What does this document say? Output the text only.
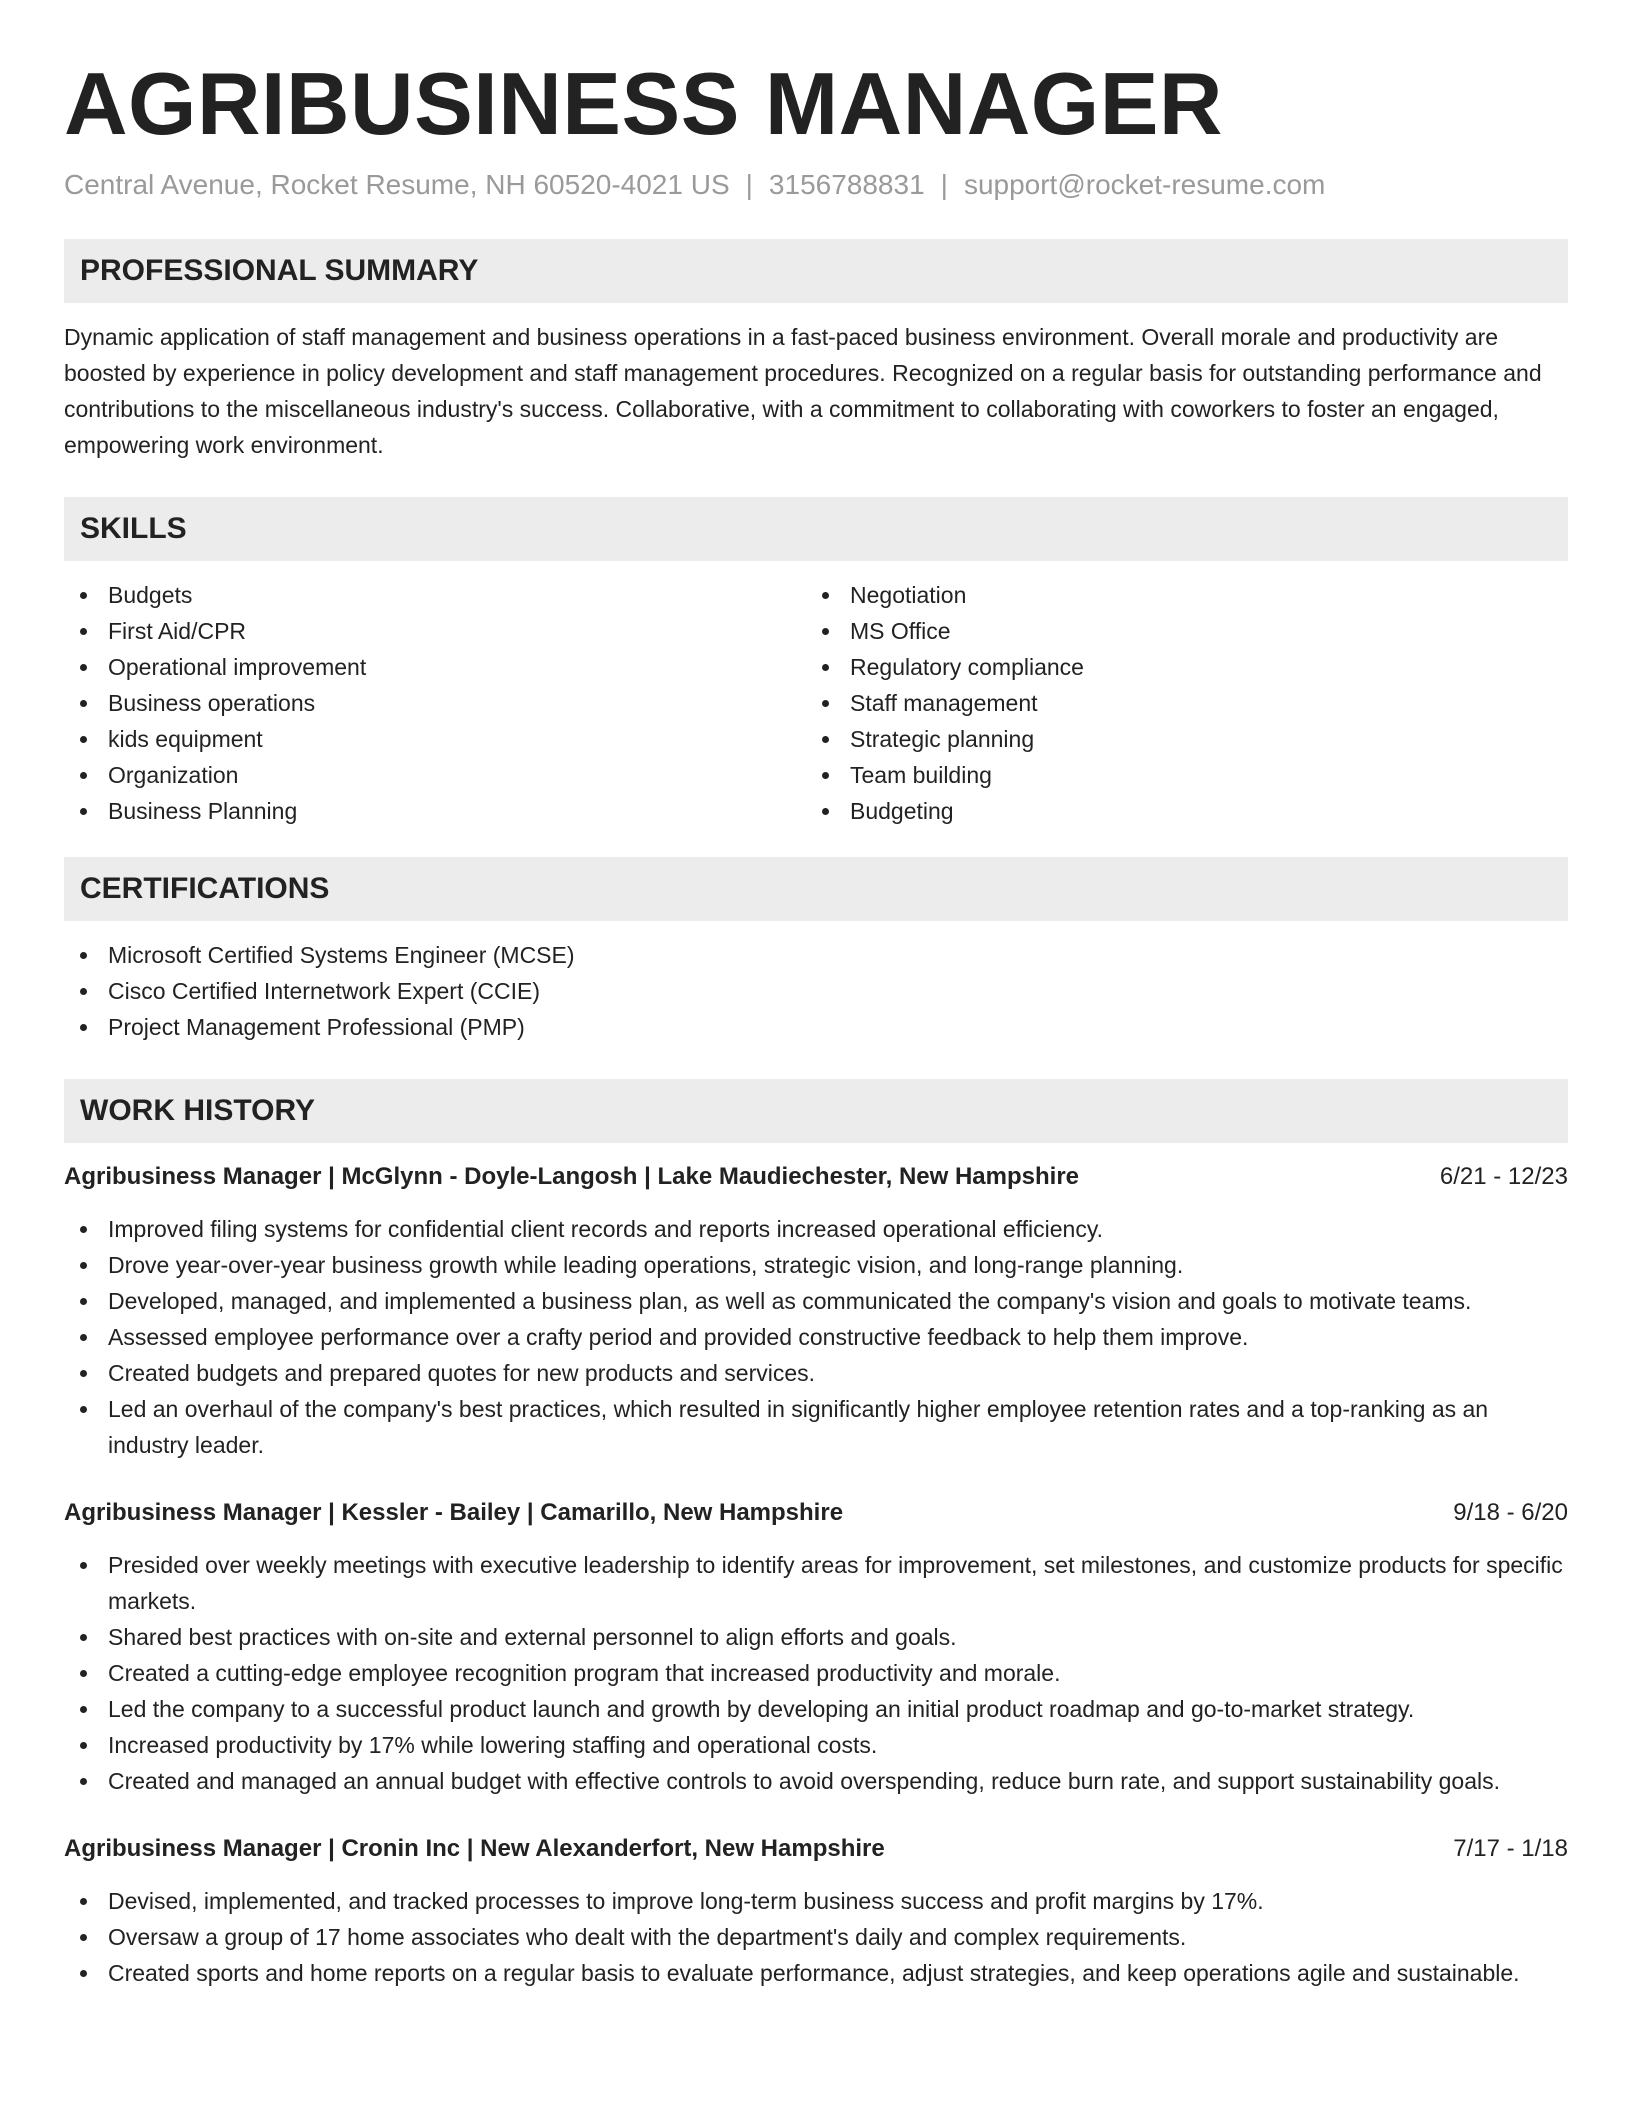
AGRIBUSINESS MANAGER
Central Avenue, Rocket Resume, NH 60520-4021 US | 3156788831 | support@rocket-resume.com
PROFESSIONAL SUMMARY

Dynamic application of staff management and business operations in a fast-paced business environment. Overall morale and productivity are boosted by experience in policy development and staff management procedures. Recognized on a regular basis for outstanding performance and contributions to the miscellaneous industry's success. Collaborative, with a commitment to collaborating with coworkers to foster an engaged, empowering work environment.

SKILLS
Budgets
First Aid/CPR
Operational improvement
Business operations
kids equipment
Organization
Business Planning
Negotiation
MS Office
Regulatory compliance
Staff management
Strategic planning
Team building
Budgeting
CERTIFICATIONS
Microsoft Certified Systems Engineer (MCSE)
Cisco Certified Internetwork Expert (CCIE)
Project Management Professional (PMP)
WORK HISTORY
Agribusiness Manager | McGlynn - Doyle-Langosh | Lake Maudiechester, New Hampshire	6/21 - 12/23
Improved filing systems for confidential client records and reports increased operational efficiency.
Drove year-over-year business growth while leading operations, strategic vision, and long-range planning.
Developed, managed, and implemented a business plan, as well as communicated the company's vision and goals to motivate teams.
Assessed employee performance over a crafty period and provided constructive feedback to help them improve.
Created budgets and prepared quotes for new products and services.
Led an overhaul of the company's best practices, which resulted in significantly higher employee retention rates and a top-ranking as an industry leader.
Agribusiness Manager | Kessler - Bailey | Camarillo, New Hampshire	9/18 - 6/20
Presided over weekly meetings with executive leadership to identify areas for improvement, set milestones, and customize products for specific markets.
Shared best practices with on-site and external personnel to align efforts and goals.
Created a cutting-edge employee recognition program that increased productivity and morale.
Led the company to a successful product launch and growth by developing an initial product roadmap and go-to-market strategy.
Increased productivity by 17% while lowering staffing and operational costs.
Created and managed an annual budget with effective controls to avoid overspending, reduce burn rate, and support sustainability goals.
Agribusiness Manager | Cronin Inc | New Alexanderfort, New Hampshire	7/17 - 1/18
Devised, implemented, and tracked processes to improve long-term business success and profit margins by 17%.
Oversaw a group of 17 home associates who dealt with the department's daily and complex requirements.
Created sports and home reports on a regular basis to evaluate performance, adjust strategies, and keep operations agile and sustainable.
